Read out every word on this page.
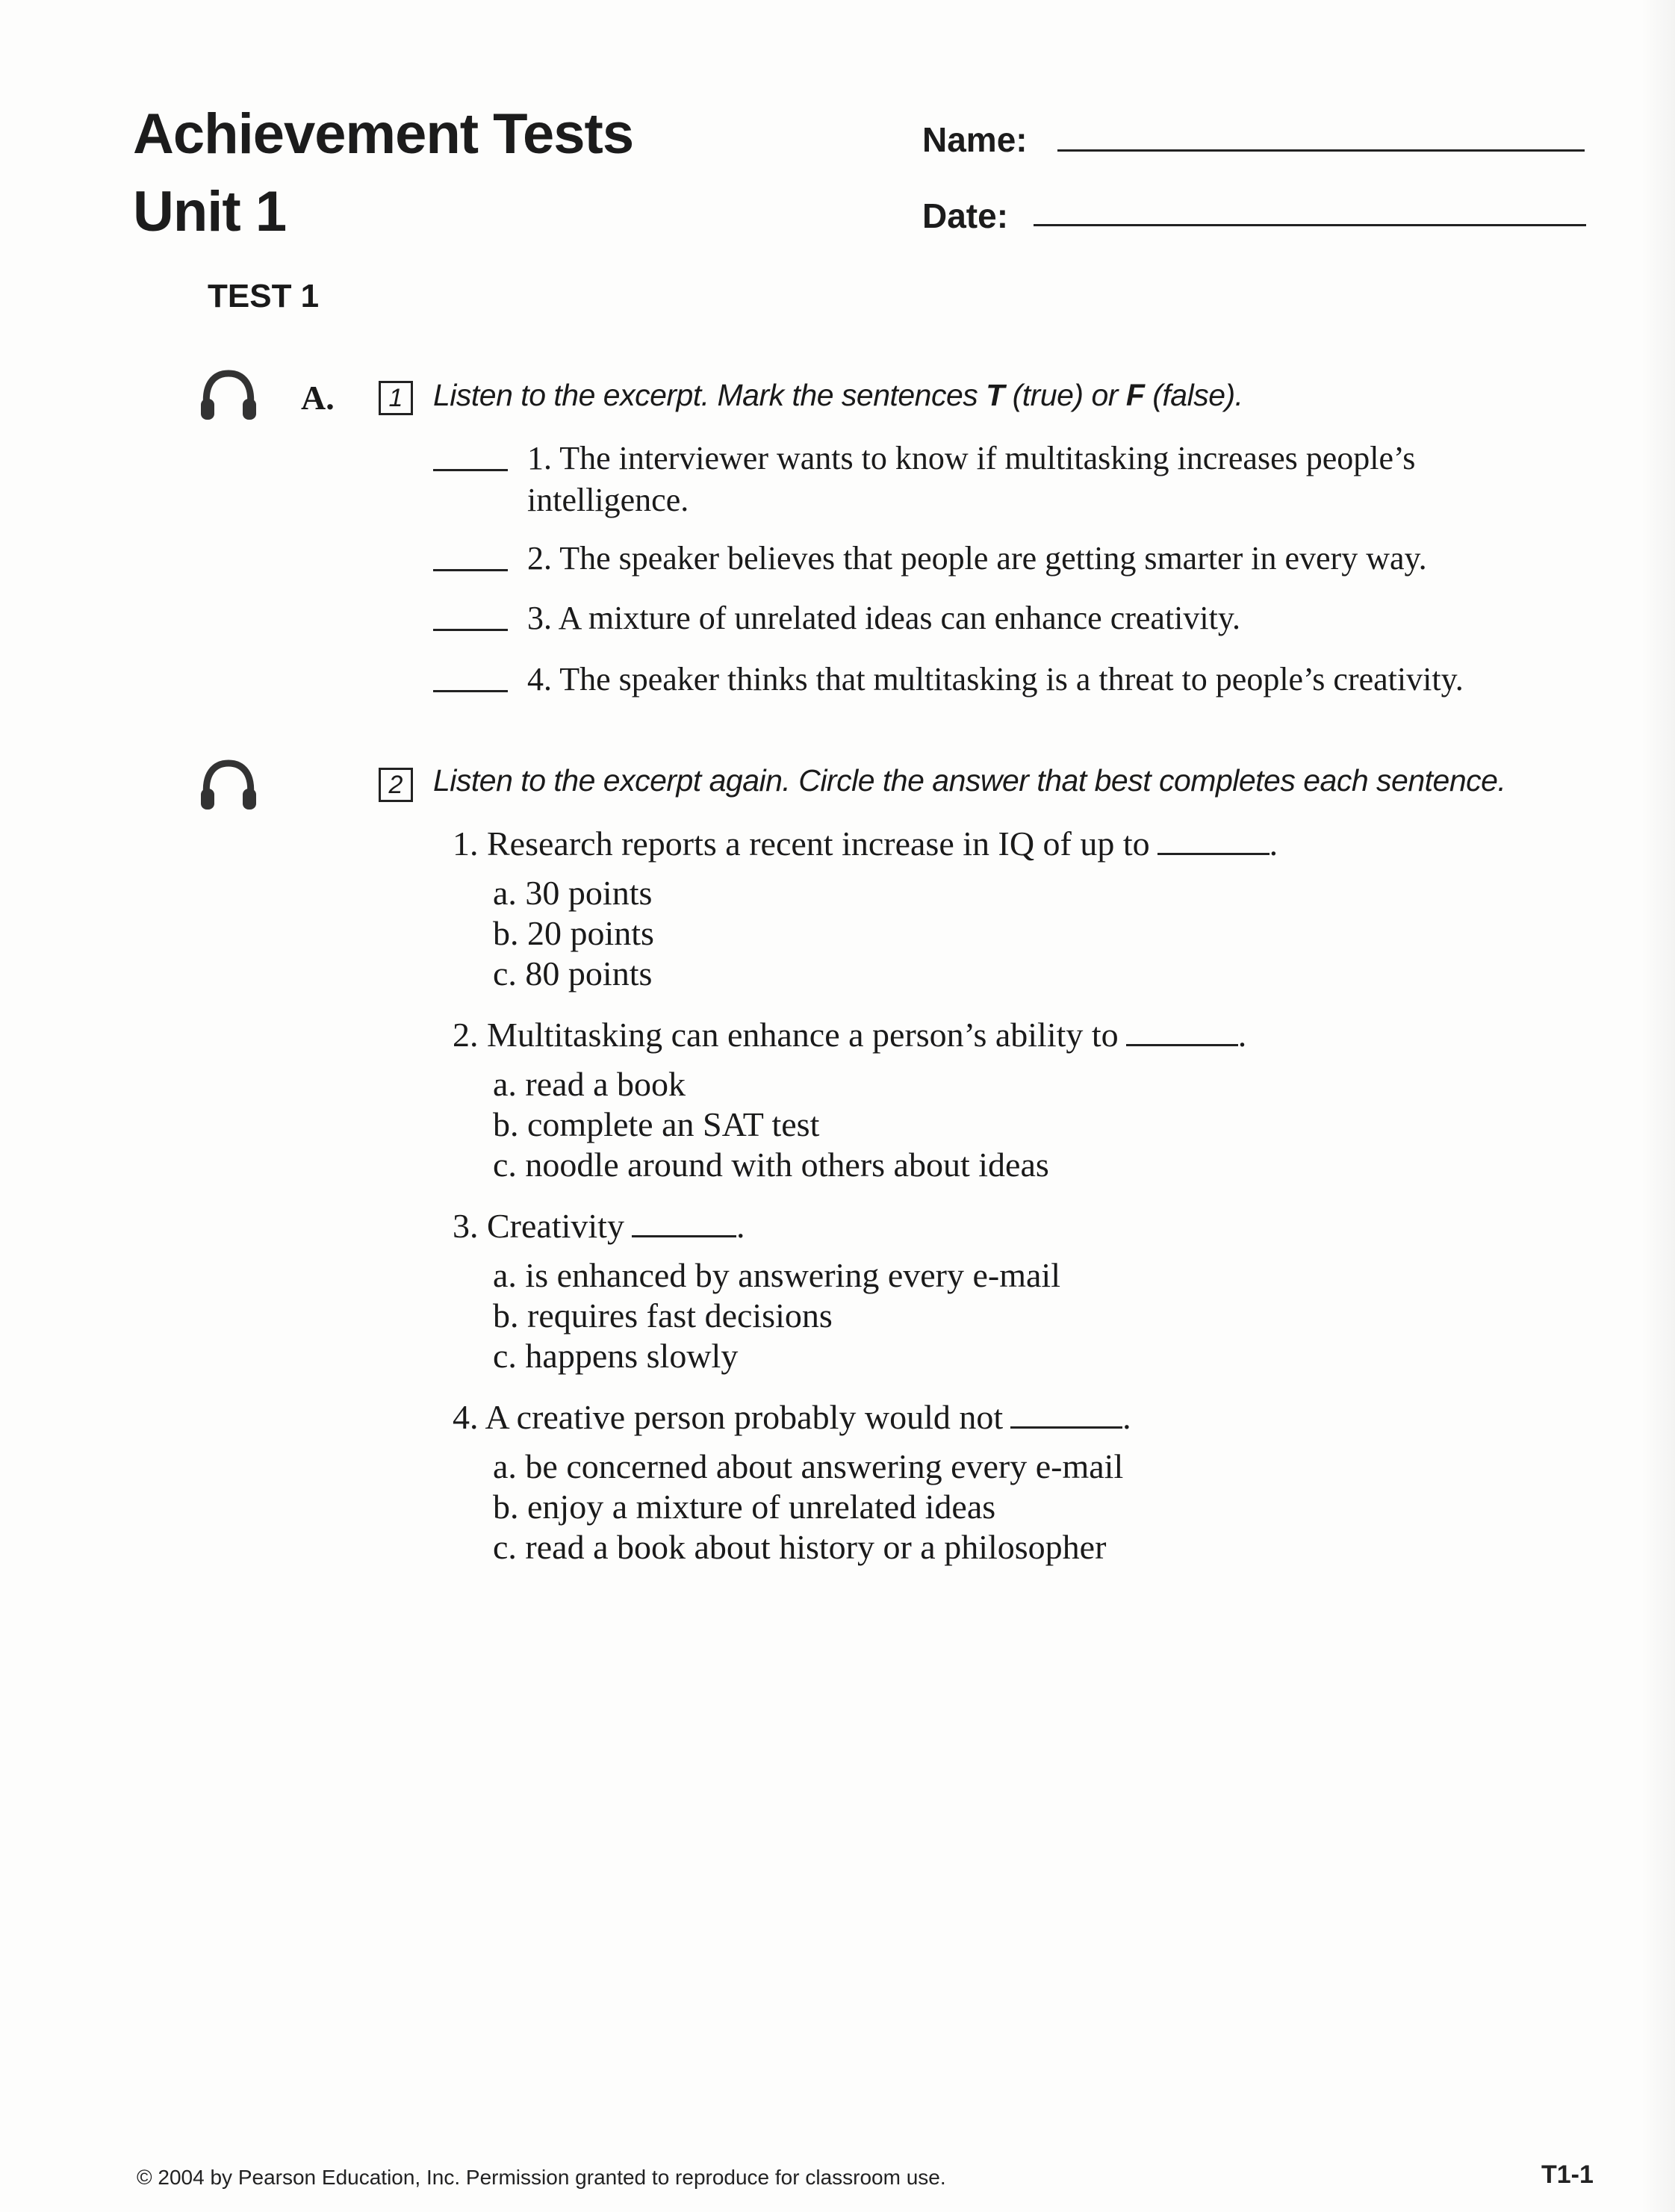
Achievement Tests
Unit 1
Name:
Date:
TEST 1
A.	1 Listen to the excerpt. Mark the sentences T (true) or F (false).
1. The interviewer wants to know if multitasking increases people’s intelligence.
2. The speaker believes that people are getting smarter in every way.
3. A mixture of unrelated ideas can enhance creativity.
4. The speaker thinks that multitasking is a threat to people’s creativity.
2 Listen to the excerpt again. Circle the answer that best completes each sentence.
1. Research reports a recent increase in IQ of up to	.
a. 30 points
b. 20 points
c. 80 points
2. Multitasking can enhance a person’s ability to	.
a. read a book
b. complete an SAT test
c. noodle around with others about ideas
3. Creativity	.
a. is enhanced by answering every e-mail
b. requires fast decisions
c. happens slowly
4. A creative person probably would not	.
a. be concerned about answering every e-mail
b. enjoy a mixture of unrelated ideas
c. read a book about history or a philosopher
© 2004 by Pearson Education, Inc. Permission granted to reproduce for classroom use.	T1-1
